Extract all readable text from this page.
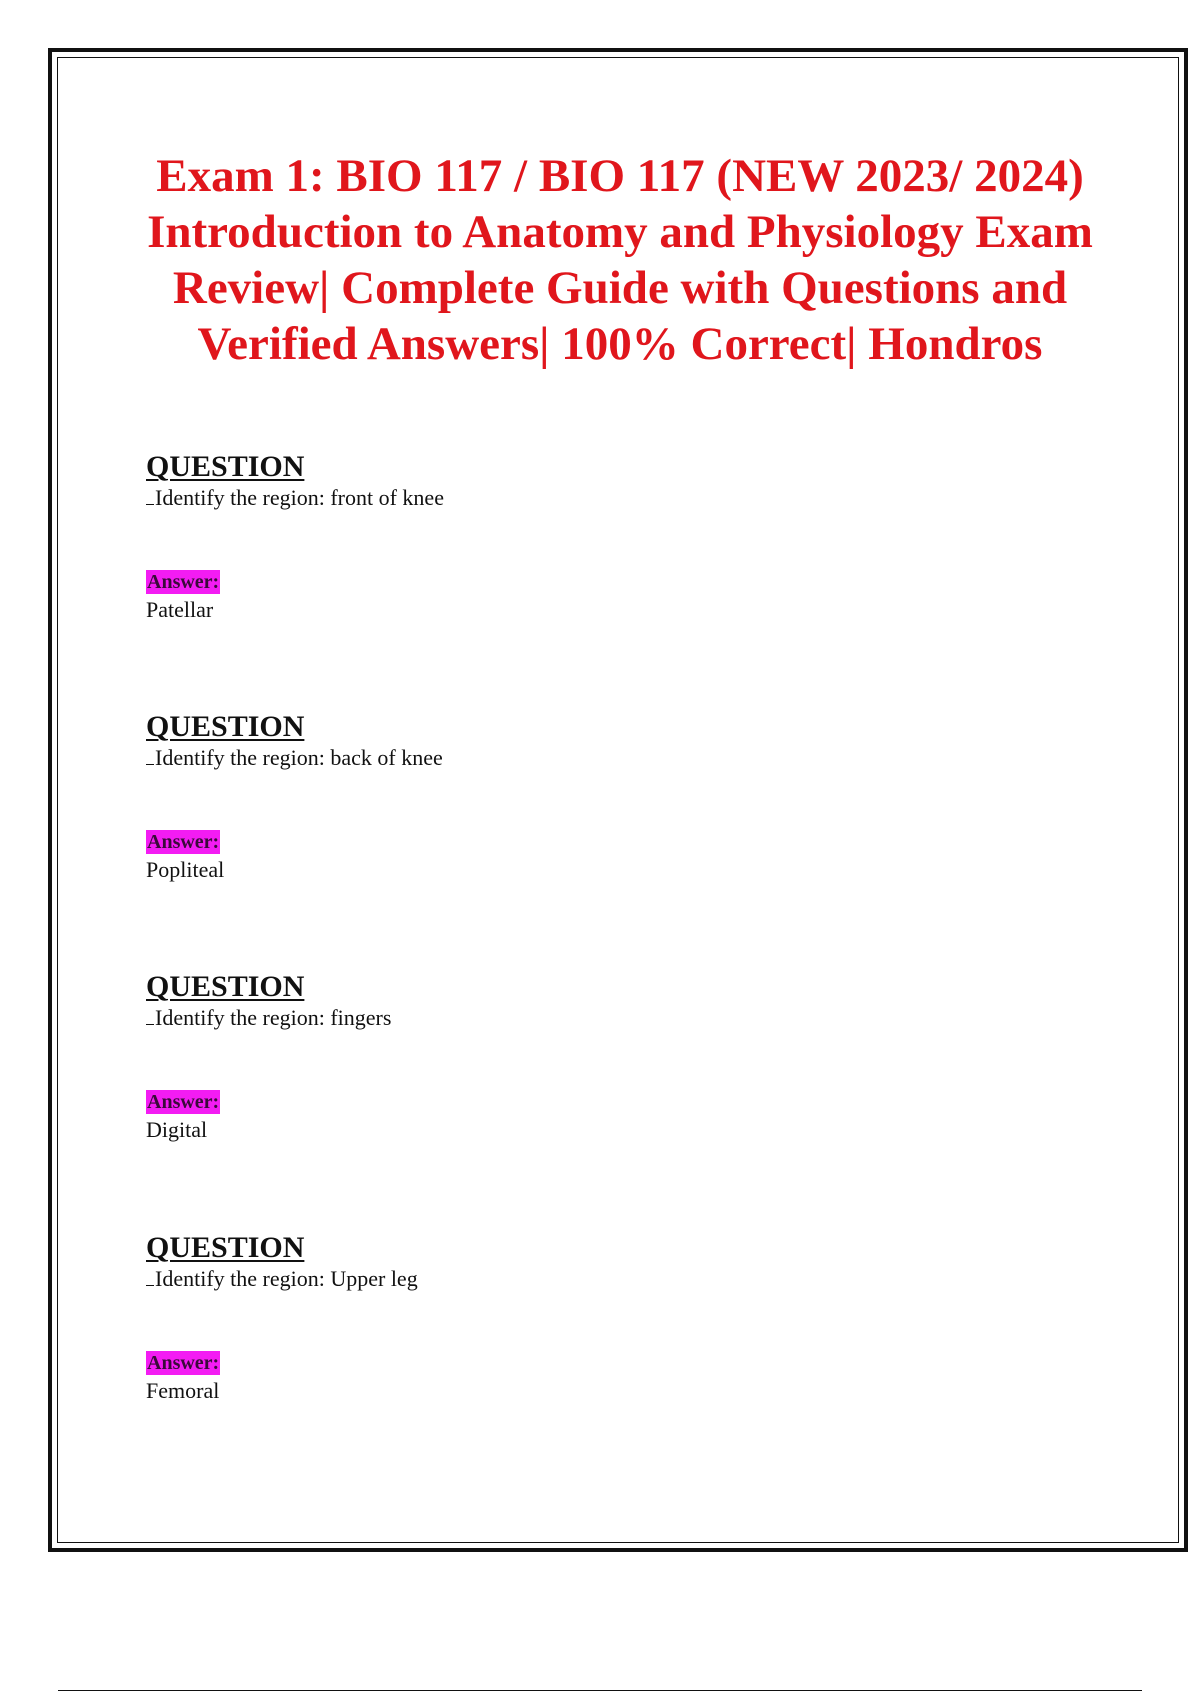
Exam 1: BIO 117 / BIO 117 (NEW 2023/ 2024) Introduction to Anatomy and Physiology Exam Review| Complete Guide with Questions and Verified Answers| 100% Correct| Hondros

QUESTION

Identify the region: front of knee

Answer:

Patellar

QUESTION

Identify the region: back of knee

Answer:

Popliteal

QUESTION

Identify the region: fingers

Answer:

Digital

QUESTION

Identify the region: Upper leg

Answer:

Femoral
